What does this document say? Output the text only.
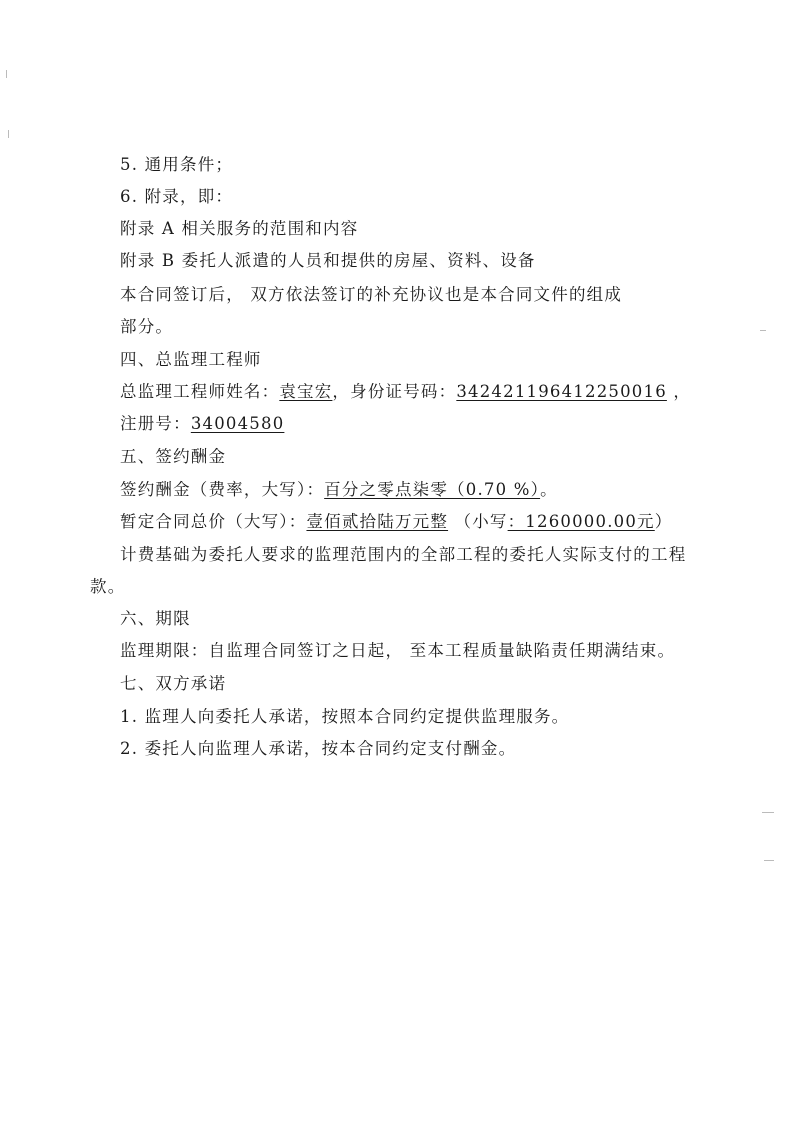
5. 通用条件；
6. 附录，即：
附录 A 相关服务的范围和内容
附录 B 委托人派遣的人员和提供的房屋、资料、设备
本合同签订后， 双方依法签订的补充协议也是本合同文件的组成
部分。
四、总监理工程师
总监理工程师姓名：袁宝宏，身份证号码：342421196412250016 ，
注册号：34004580
五、签约酬金
签约酬金（费率，大写）：百分之零点柒零（0.70 %）。
暂定合同总价（大写）：壹佰贰拾陆万元整 （小写：1260000.00元）
计费基础为委托人要求的监理范围内的全部工程的委托人实际支付的工程
款。
六、期限
监理期限：自监理合同签订之日起， 至本工程质量缺陷责任期满结束。
七、双方承诺
1. 监理人向委托人承诺，按照本合同约定提供监理服务。
2. 委托人向监理人承诺，按本合同约定支付酬金。
